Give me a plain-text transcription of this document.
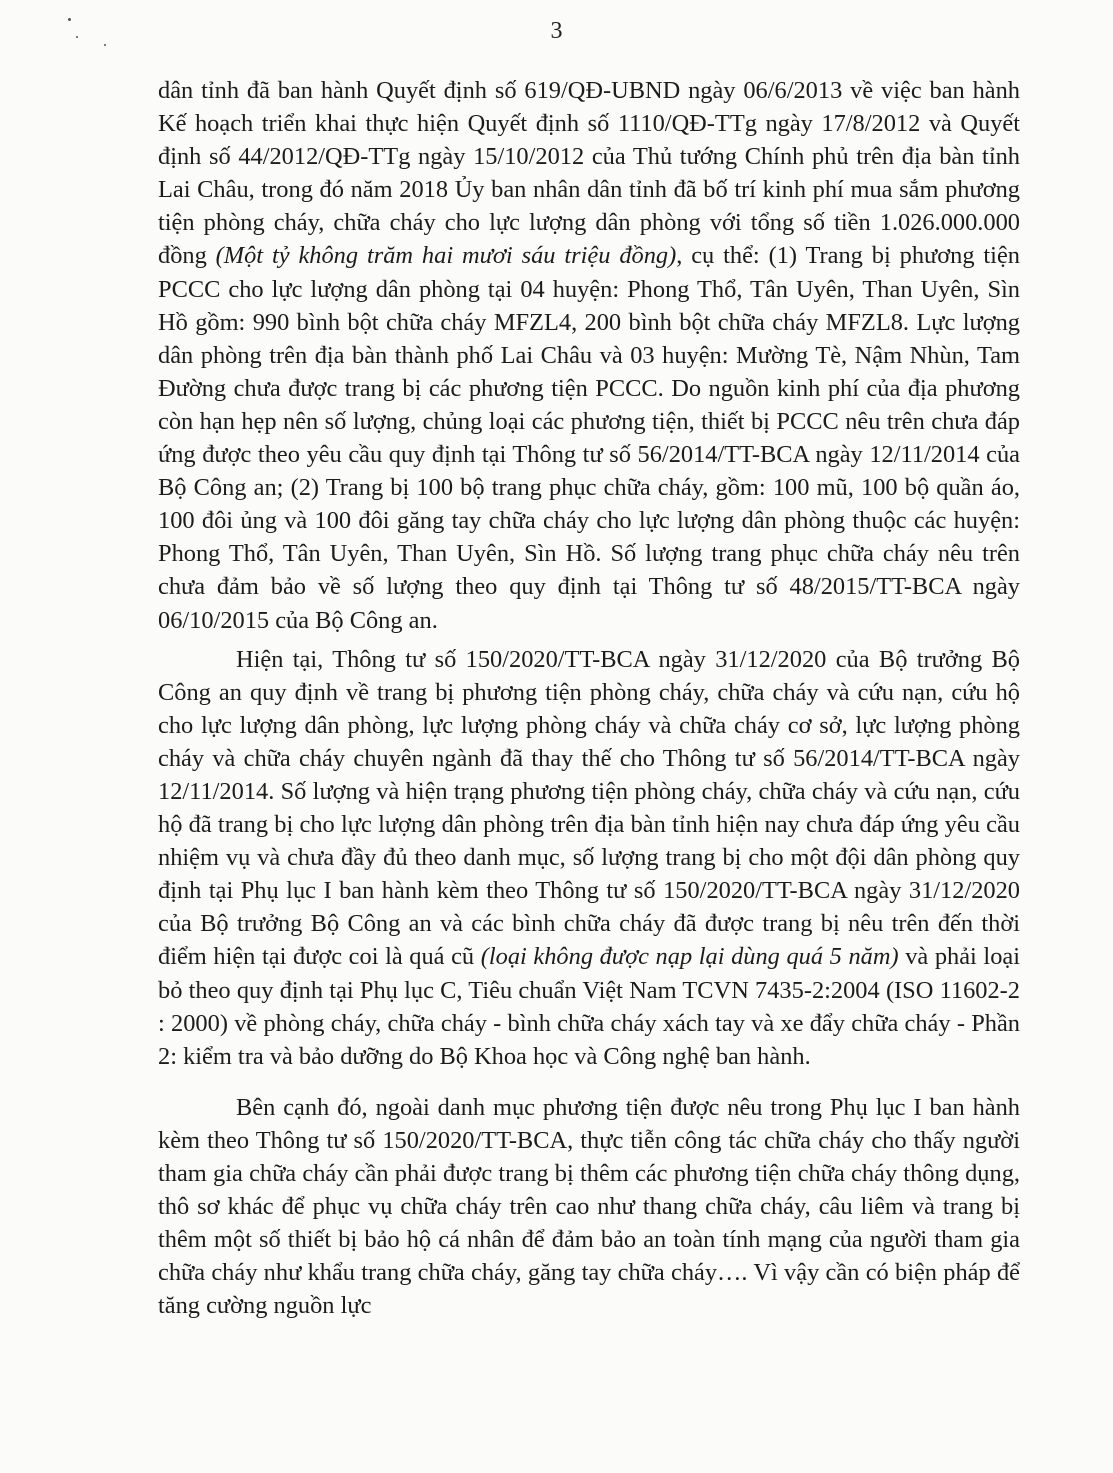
3

dân tỉnh đã ban hành Quyết định số 619/QĐ-UBND ngày 06/6/2013 về việc ban hành Kế hoạch triển khai thực hiện Quyết định số 1110/QĐ-TTg ngày 17/8/2012 và Quyết định số 44/2012/QĐ-TTg ngày 15/10/2012 của Thủ tướng Chính phủ trên địa bàn tỉnh Lai Châu, trong đó năm 2018 Ủy ban nhân dân tỉnh đã bố trí kinh phí mua sắm phương tiện phòng cháy, chữa cháy cho lực lượng dân phòng với tổng số tiền 1.026.000.000 đồng (Một tỷ không trăm hai mươi sáu triệu đồng), cụ thể: (1) Trang bị phương tiện PCCC cho lực lượng dân phòng tại 04 huyện: Phong Thổ, Tân Uyên, Than Uyên, Sìn Hồ gồm: 990 bình bột chữa cháy MFZL4, 200 bình bột chữa cháy MFZL8. Lực lượng dân phòng trên địa bàn thành phố Lai Châu và 03 huyện: Mường Tè, Nậm Nhùn, Tam Đường chưa được trang bị các phương tiện PCCC. Do nguồn kinh phí của địa phương còn hạn hẹp nên số lượng, chủng loại các phương tiện, thiết bị PCCC nêu trên chưa đáp ứng được theo yêu cầu quy định tại Thông tư số 56/2014/TT-BCA ngày 12/11/2014 của Bộ Công an; (2) Trang bị 100 bộ trang phục chữa cháy, gồm: 100 mũ, 100 bộ quần áo, 100 đôi ủng và 100 đôi găng tay chữa cháy cho lực lượng dân phòng thuộc các huyện: Phong Thổ, Tân Uyên, Than Uyên, Sìn Hồ. Số lượng trang phục chữa cháy nêu trên chưa đảm bảo về số lượng theo quy định tại Thông tư số 48/2015/TT-BCA ngày 06/10/2015 của Bộ Công an.

Hiện tại, Thông tư số 150/2020/TT-BCA ngày 31/12/2020 của Bộ trưởng Bộ Công an quy định về trang bị phương tiện phòng cháy, chữa cháy và cứu nạn, cứu hộ cho lực lượng dân phòng, lực lượng phòng cháy và chữa cháy cơ sở, lực lượng phòng cháy và chữa cháy chuyên ngành đã thay thế cho Thông tư số 56/2014/TT-BCA ngày 12/11/2014. Số lượng và hiện trạng phương tiện phòng cháy, chữa cháy và cứu nạn, cứu hộ đã trang bị cho lực lượng dân phòng trên địa bàn tỉnh hiện nay chưa đáp ứng yêu cầu nhiệm vụ và chưa đầy đủ theo danh mục, số lượng trang bị cho một đội dân phòng quy định tại Phụ lục I ban hành kèm theo Thông tư số 150/2020/TT-BCA ngày 31/12/2020 của Bộ trưởng Bộ Công an và các bình chữa cháy đã được trang bị nêu trên đến thời điểm hiện tại được coi là quá cũ (loại không được nạp lại dùng quá 5 năm) và phải loại bỏ theo quy định tại Phụ lục C, Tiêu chuẩn Việt Nam TCVN 7435-2:2004 (ISO 11602-2 : 2000) về phòng cháy, chữa cháy - bình chữa cháy xách tay và xe đẩy chữa cháy - Phần 2: kiểm tra và bảo dưỡng do Bộ Khoa học và Công nghệ ban hành.

Bên cạnh đó, ngoài danh mục phương tiện được nêu trong Phụ lục I ban hành kèm theo Thông tư số 150/2020/TT-BCA, thực tiễn công tác chữa cháy cho thấy người tham gia chữa cháy cần phải được trang bị thêm các phương tiện chữa cháy thông dụng, thô sơ khác để phục vụ chữa cháy trên cao như thang chữa cháy, câu liêm và trang bị thêm một số thiết bị bảo hộ cá nhân để đảm bảo an toàn tính mạng của người tham gia chữa cháy như khẩu trang chữa cháy, găng tay chữa cháy…. Vì vậy cần có biện pháp để tăng cường nguồn lực
